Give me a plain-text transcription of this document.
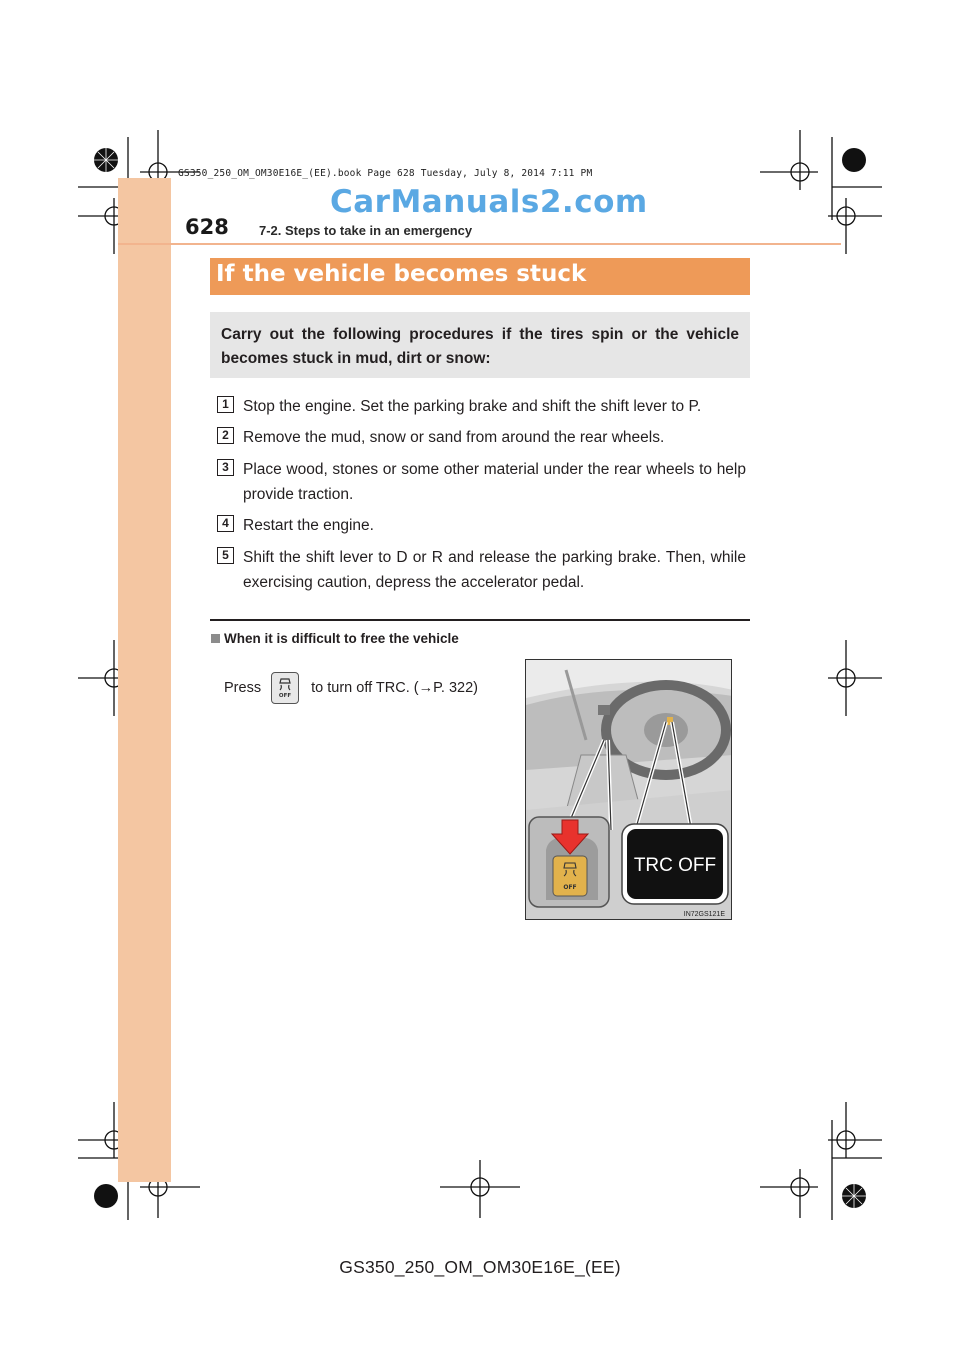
GS350_250_OM_OM30E16E_(EE).book Page 628 Tuesday, July 8, 2014 7:11 PM
CarManuals2.com
628 7-2. Steps to take in an emergency
If the vehicle becomes stuck
Carry out the following procedures if the tires spin or the vehicle becomes stuck in mud, dirt or snow:
1 Stop the engine. Set the parking brake and shift the shift lever to P.
2 Remove the mud, snow or sand from around the rear wheels.
3 Place wood, stones or some other material under the rear wheels to help provide traction.
4 Restart the engine.
5 Shift the shift lever to D or R and release the parking brake. Then, while exercising caution, depress the accelerator pedal.
When it is difficult to free the vehicle
Press	OFF to turn off TRC. (→P. 322)
OFF
TRC OFF
IN72GS121E
GS350_250_OM_OM30E16E_(EE)
